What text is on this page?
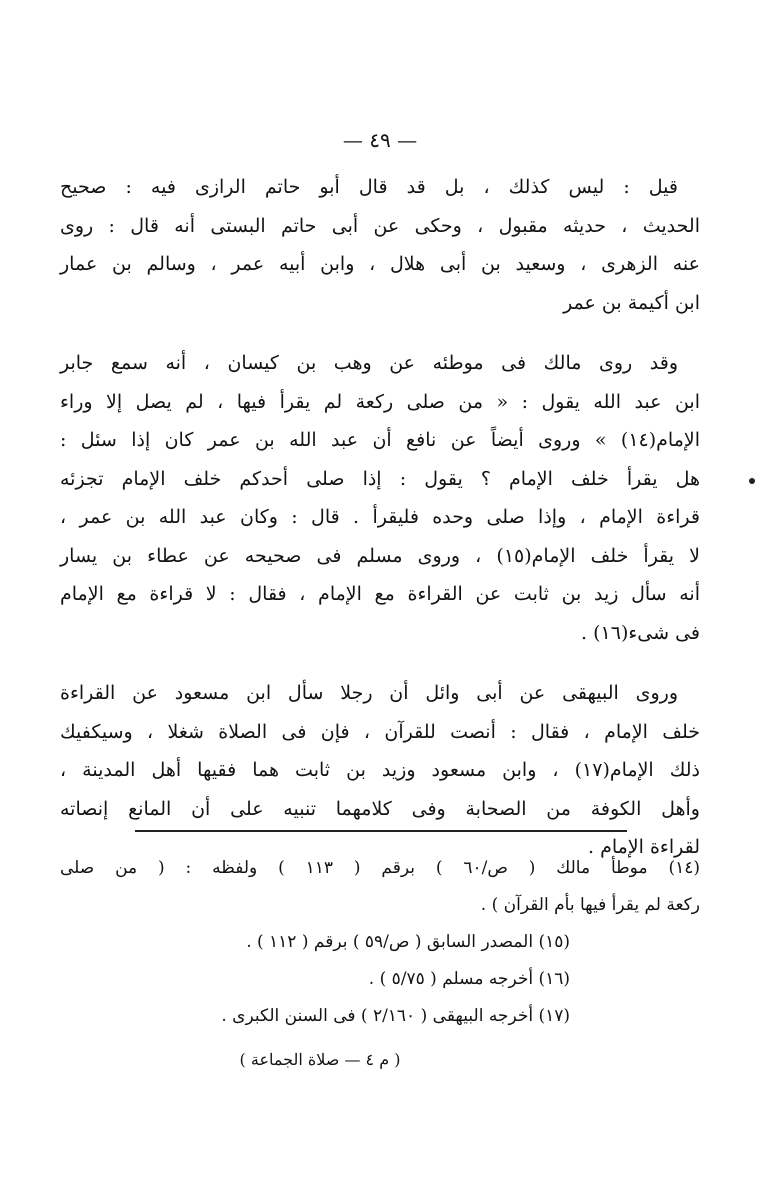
— ٤٩ —
قيل : ليس كذلك ، بل قد قال أبو حاتم الرازى فيه : صحيح
الحديث ، حديثه مقبول ، وحكى عن أبى حاتم البستى أنه قال : روى
عنه الزهرى ، وسعيد بن أبى هلال ، وابن أبيه عمر ، وسالم بن عمار
ابن أكيمة بن عمر
وقد روى مالك فى موطئه عن وهب بن كيسان ، أنه سمع جابر
ابن عبد الله يقول : « من صلى ركعة لم يقرأ فيها ، لم يصل إلا وراء
الإمام(١٤) » وروى أيضاً عن نافع أن عبد الله بن عمر كان إذا سئل :
هل يقرأ خلف الإمام ؟ يقول : إذا صلى أحدكم خلف الإمام تجزئه
قراءة الإمام ، وإذا صلى وحده فليقرأ . قال : وكان عبد الله بن عمر ،
لا يقرأ خلف الإمام(١٥) ، وروى مسلم فى صحيحه عن عطاء بن يسار
أنه سأل زيد بن ثابت عن القراءة مع الإمام ، فقال : لا قراءة مع الإمام
فى شىء(١٦) .
وروى البيهقى عن أبى وائل أن رجلا سأل ابن مسعود عن القراءة
خلف الإمام ، فقال : أنصت للقرآن ، فإن فى الصلاة شغلا ، وسيكفيك
ذلك الإمام(١٧) ، وابن مسعود وزيد بن ثابت هما فقيها أهل المدينة ،
وأهل الكوفة من الصحابة وفى كلامهما تنبيه على أن المانع إنصاته
لقراءة الإمام .
(١٤) موطأ مالك ( ص/٦٠ ) برقم ( ١١٣ ) ولفظه : ( من صلى
ركعة لم يقرأ فيها بأم القرآن ) .
(١٥) المصدر السابق ( ص/٥٩ ) برقم ( ١١٢ ) .
(١٦) أخرجه مسلم ( ٥/٧٥ ) .
(١٧) أخرجه البيهقى ( ٢/١٦٠ ) فى السنن الكبرى .
( م ٤ — صلاة الجماعة )
